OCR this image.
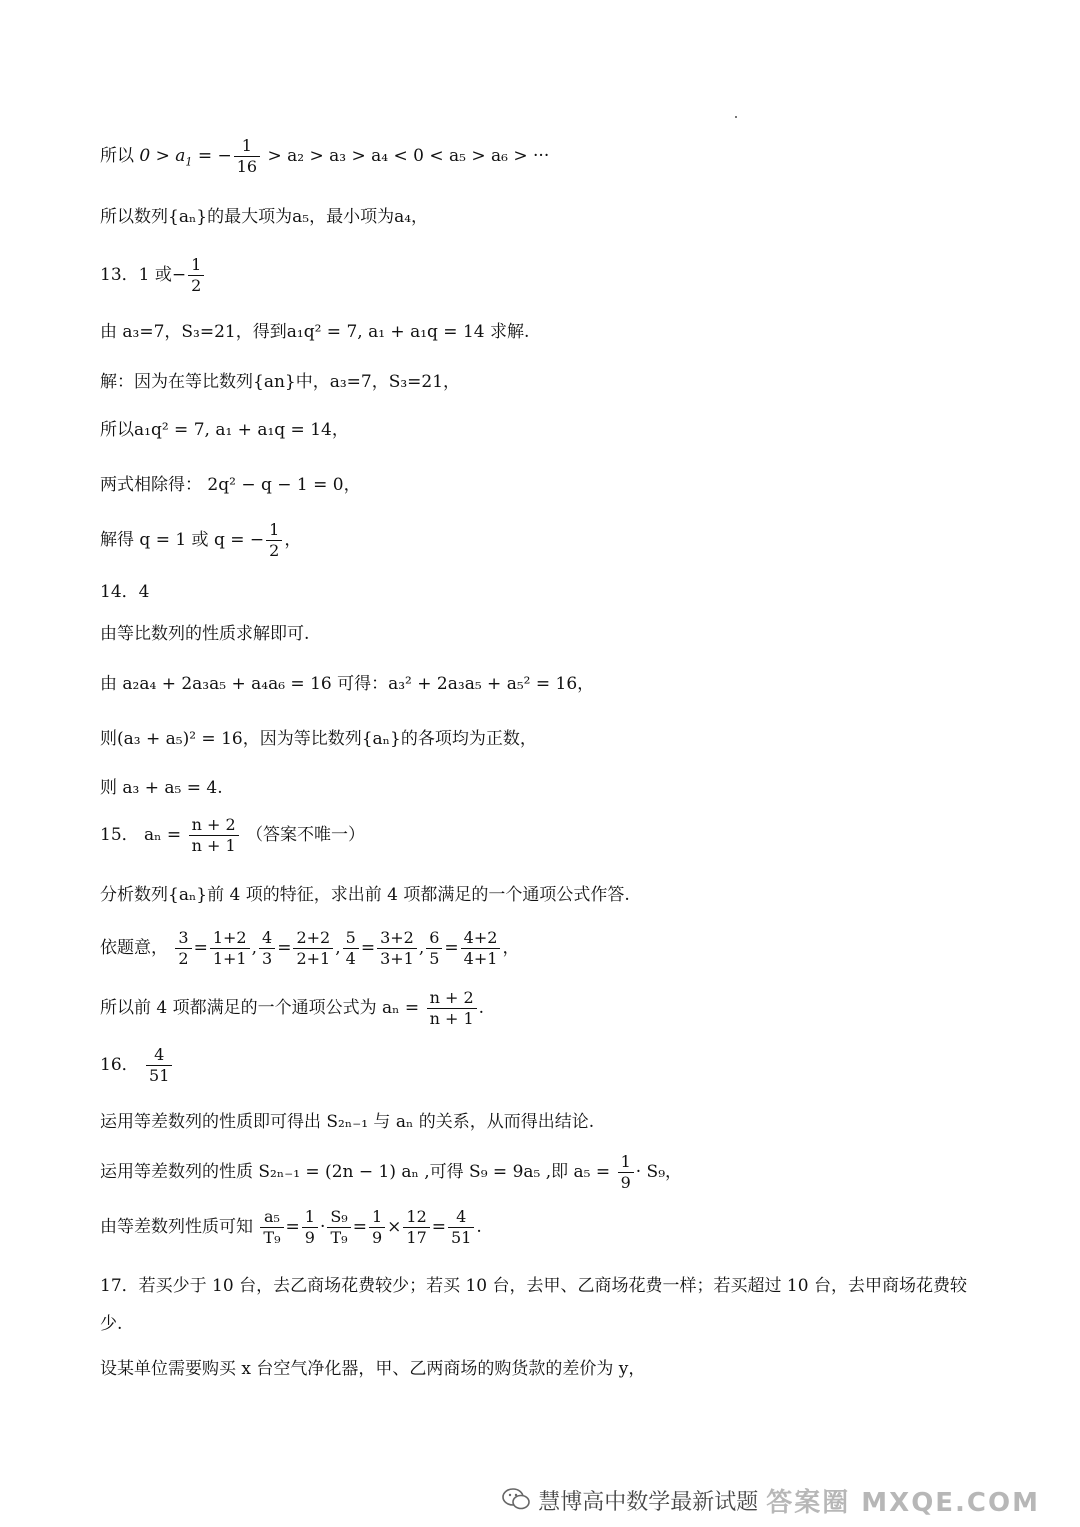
所以 $0 > a_1$ = − $\frac{1}{16} > a_2 > a_3 > a_4 < 0 < a_5 > a_6$ > ···
所以数列{aₙ}的最大项为a₅，最小项为a₄，
13．1 或− $\frac{1}{2}$
由 a₃=7，S₃=21，得到a₁q² = 7, a₁ + a₁q = 14 求解.
解：因为在等比数列{an}中，a₃=7，S₃=21，
所以a₁q² = 7, a₁ + a₁q = 14，
两式相除得： 2q² − q − 1 = 0，
解得 q = 1 或 q = − $\frac{1}{2}$ ，
14．4
由等比数列的性质求解即可.
由 a₂a₄ + 2a₃a₅ + a₄a₆ = 16 可得：a₃² + 2a₃a₅ + a₅² = 16，
则(a₃ + a₅)² = 16，因为等比数列{aₙ}的各项均为正数，
则 a₃ + a₅ = 4.
15． $a_n = \frac{n + 2}{n + 1}$ （答案不唯一）
分析数列{aₙ}前 4 项的特征，求出前 4 项都满足的一个通项公式作答.
依题意， $\frac{3}{2} = \frac{1+2}{1+1}$ , $\frac{4}{3} = \frac{2+2}{2+1}$ , $\frac{5}{4} = \frac{3+2}{3+1}$ , $\frac{6}{5} = \frac{4+2}{4+1}$ ，
所以前 4 项都满足的一个通项公式为 $a_n = \frac{n + 2}{n + 1}$ .
16． $\frac{4}{51}$
运用等差数列的性质即可得出 S₂ₙ₋₁ 与 aₙ 的关系，从而得出结论.
运用等差数列的性质 S₂ₙ₋₁ = (2n − 1) aₙ ,可得 S₉ = 9a₅ ,即 $a_5 = \frac{1}{9} \cdot S_9$，
由等差数列性质可知 $\frac{\text{a₅}}{\text{T₉}} = \frac{1}{9} \cdot \frac{\text{S₉}}{\text{T₉}} = \frac{1}{9} \times \frac{12}{17} = \frac{4}{51}$ .
17．若买少于 10 台，去乙商场花费较少；若买 10 台，去甲、乙商场花费一样；若买超过 10 台，去甲商场花费较少.
设某单位需要购买 x 台空气净化器，甲、乙两商场的购货款的差价为 y，
慧博高中数学最新试题 答案圈 MXQE.COM
